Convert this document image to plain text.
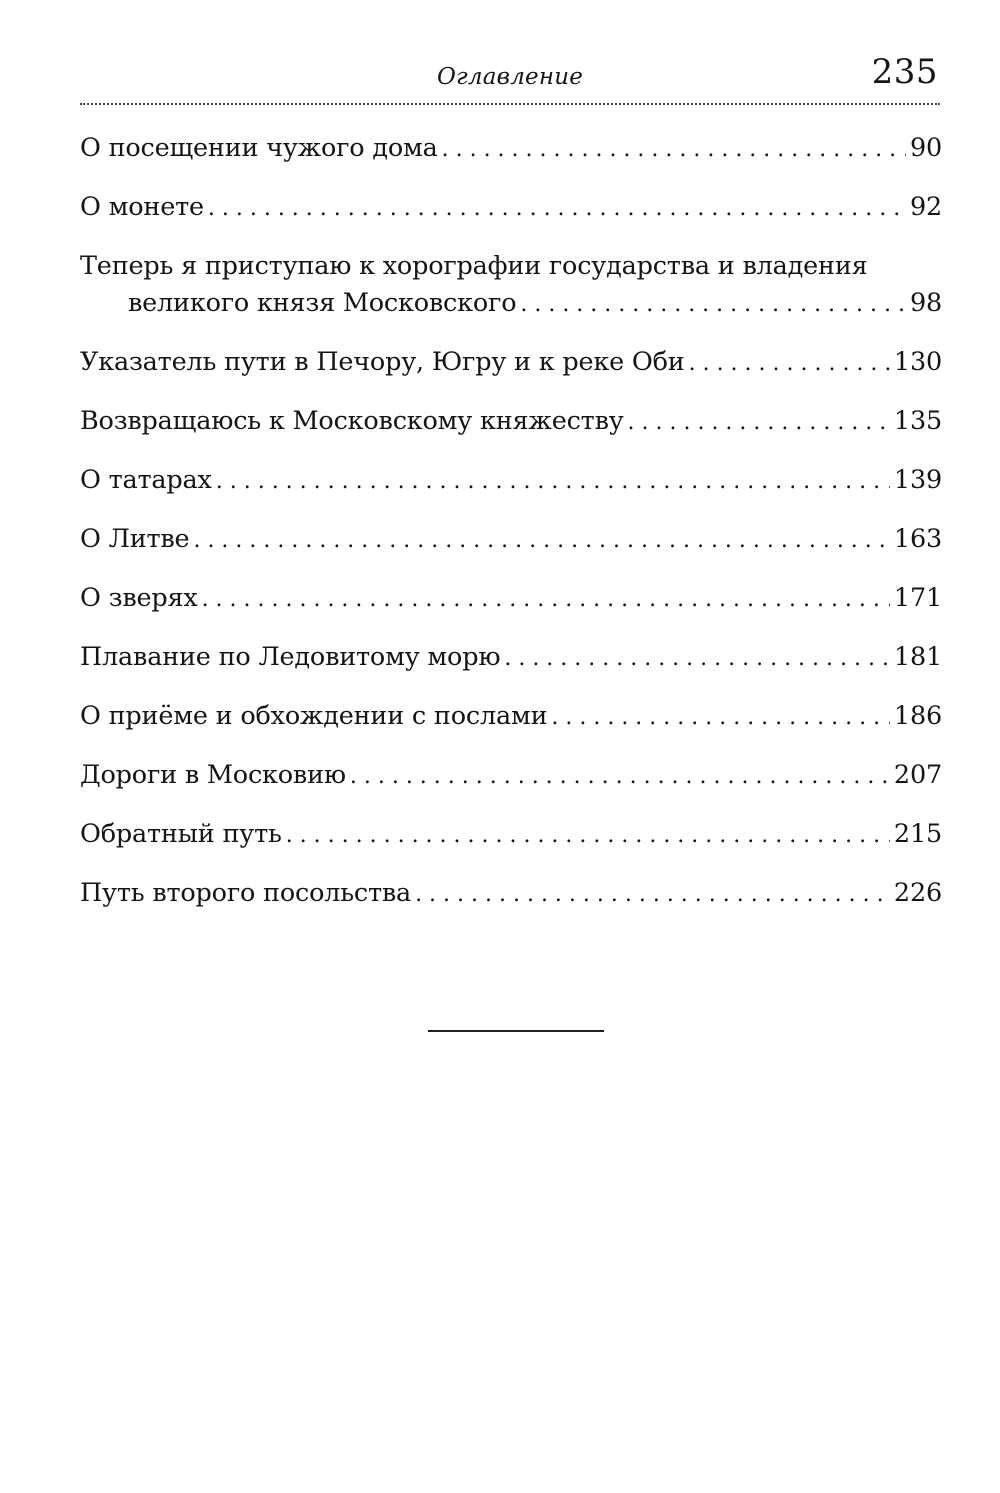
Оглавление	235
О посещении чужого дома . . .	90
О монете . . .	92
Теперь я приступаю к хорографии государства и владения
великого князя Московского . . .	98
Указатель пути в Печору, Югру и к реке Оби . . .	130
Возвращаюсь к Московскому княжеству . . .	135
О татарах . . .	139
О Литве . . .	163
О зверях . . .	171
Плавание по Ледовитому морю . . .	181
О приёме и обхождении с послами . . .	186
Дороги в Московию . . .	207
Обратный путь . . .	215
Путь второго посольства . . .	226
